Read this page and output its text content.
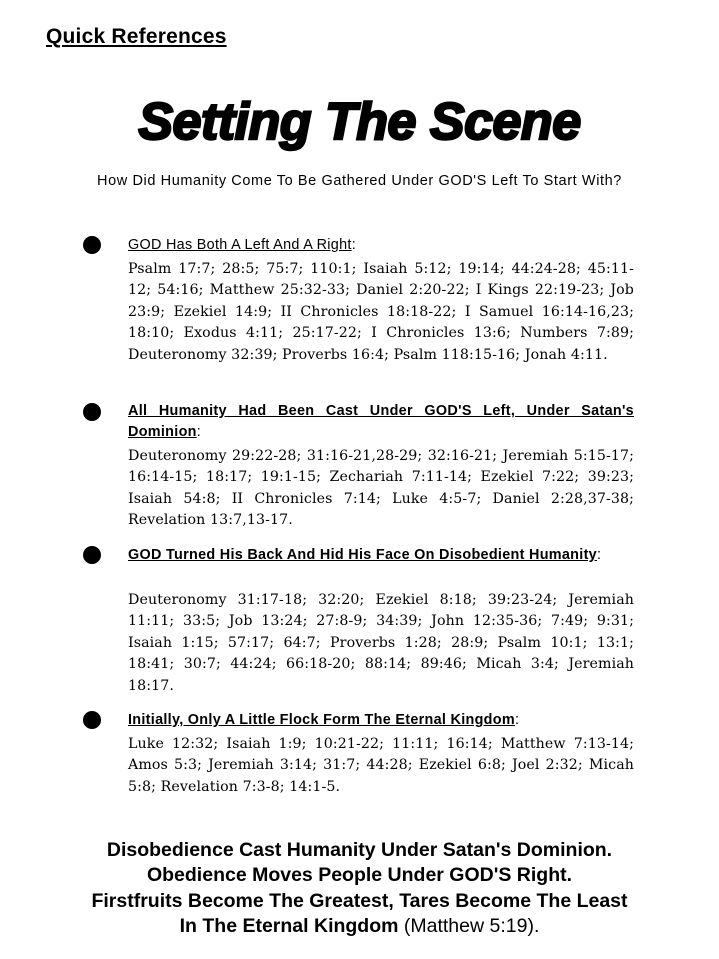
Quick References
Setting The Scene
How Did Humanity Come To Be Gathered Under GOD'S Left To Start With?
GOD Has Both A Left And A Right:
Psalm 17:7; 28:5; 75:7; 110:1; Isaiah 5:12; 19:14; 44:24-28; 45:11-12; 54:16; Matthew 25:32-33; Daniel 2:20-22; I Kings 22:19-23; Job 23:9; Ezekiel 14:9; II Chronicles 18:18-22; I Samuel 16:14-16,23; 18:10; Exodus 4:11; 25:17-22; I Chronicles 13:6; Numbers 7:89; Deuteronomy 32:39; Proverbs 16:4; Psalm 118:15-16; Jonah 4:11.
All Humanity Had Been Cast Under GOD'S Left, Under Satan's Dominion:
Deuteronomy 29:22-28; 31:16-21,28-29; 32:16-21; Jeremiah 5:15-17; 16:14-15; 18:17; 19:1-15; Zechariah 7:11-14; Ezekiel 7:22; 39:23; Isaiah 54:8; II Chronicles 7:14; Luke 4:5-7; Daniel 2:28,37-38; Revelation 13:7,13-17.
GOD Turned His Back And Hid His Face On Disobedient Humanity:
Deuteronomy 31:17-18; 32:20; Ezekiel 8:18; 39:23-24; Jeremiah 11:11; 33:5; Job 13:24; 27:8-9; 34:39; John 12:35-36; 7:49; 9:31; Isaiah 1:15; 57:17; 64:7; Proverbs 1:28; 28:9; Psalm 10:1; 13:1; 18:41; 30:7; 44:24; 66:18-20; 88:14; 89:46; Micah 3:4; Jeremiah 18:17.
Initially, Only A Little Flock Form The Eternal Kingdom:
Luke 12:32; Isaiah 1:9; 10:21-22; 11:11; 16:14; Matthew 7:13-14; Amos 5:3; Jeremiah 3:14; 31:7; 44:28; Ezekiel 6:8; Joel 2:32; Micah 5:8; Revelation 7:3-8; 14:1-5.
Disobedience Cast Humanity Under Satan's Dominion.
Obedience Moves People Under GOD'S Right.
Firstfruits Become The Greatest, Tares Become The Least
In The Eternal Kingdom (Matthew 5:19).
